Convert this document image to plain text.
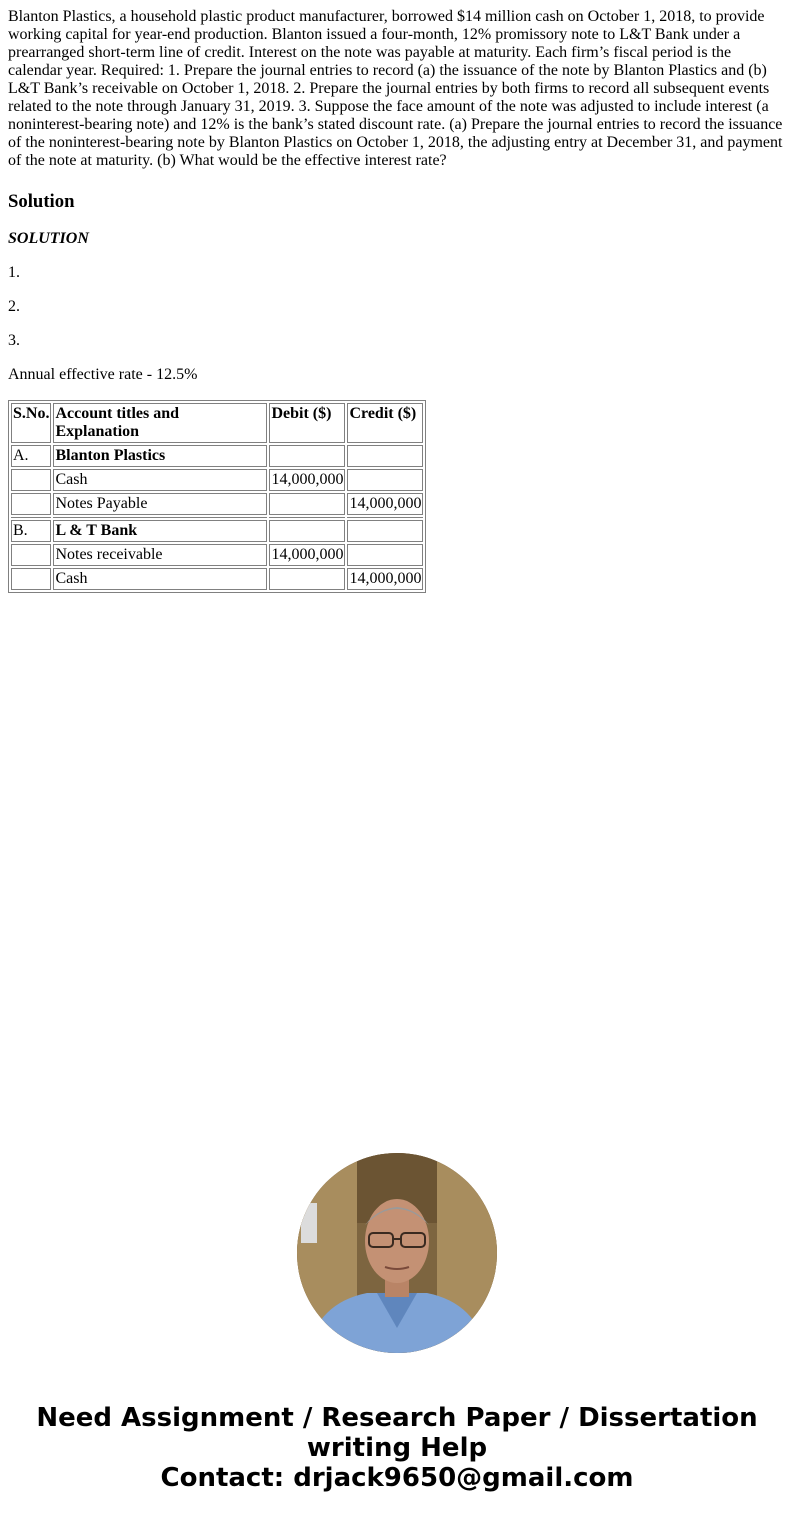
Blanton Plastics, a household plastic product manufacturer, borrowed $14 million cash on October 1, 2018, to provide working capital for year-end production. Blanton issued a four-month, 12% promissory note to L&T Bank under a prearranged short-term line of credit. Interest on the note was payable at maturity. Each firm’s fiscal period is the calendar year. Required: 1. Prepare the journal entries to record (a) the issuance of the note by Blanton Plastics and (b) L&T Bank’s receivable on October 1, 2018. 2. Prepare the journal entries by both firms to record all subsequent events related to the note through January 31, 2019. 3. Suppose the face amount of the note was adjusted to include interest (a noninterest-bearing note) and 12% is the bank’s stated discount rate. (a) Prepare the journal entries to record the issuance of the noninterest-bearing note by Blanton Plastics on October 1, 2018, the adjusting entry at December 31, and payment of the note at maturity. (b) What would be the effective interest rate?

Solution

SOLUTION

1.

2.

3.

Annual effective rate - 12.5%

S.No.	Account titles and Explanation	Debit ($)	Credit ($)
A.	Blanton Plastics		
	Cash	14,000,000	
	Notes Payable		14,000,000

B.	L & T Bank		
	Notes receivable	14,000,000	
	Cash		14,000,000
Need Assignment / Research Paper / Dissertation
writing Help
Contact: drjack9650@gmail.com
